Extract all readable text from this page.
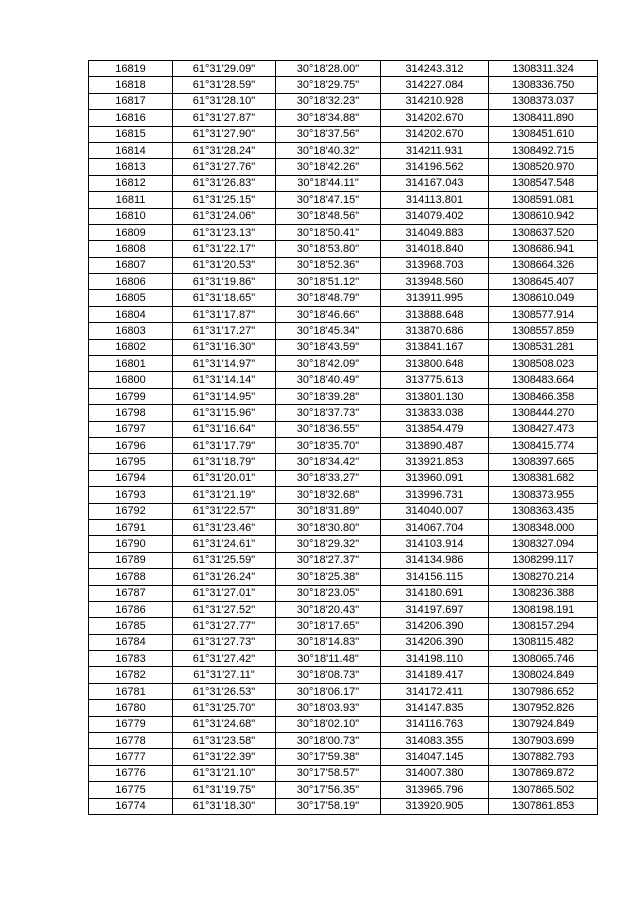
16819	61°31'29.09"	30°18'28.00"	314243.312	1308311.324
16818	61°31'28.59"	30°18'29.75"	314227.084	1308336.750
16817	61°31'28.10"	30°18'32.23"	314210.928	1308373.037
16816	61°31'27.87"	30°18'34.88"	314202.670	1308411.890
16815	61°31'27.90"	30°18'37.56"	314202.670	1308451.610
16814	61°31'28.24"	30°18'40.32"	314211.931	1308492.715
16813	61°31'27.76"	30°18'42.26"	314196.562	1308520.970
16812	61°31'26.83"	30°18'44.11"	314167.043	1308547.548
16811	61°31'25.15"	30°18'47.15"	314113.801	1308591.081
16810	61°31'24.06"	30°18'48.56"	314079.402	1308610.942
16809	61°31'23.13"	30°18'50.41"	314049.883	1308637.520
16808	61°31'22.17"	30°18'53.80"	314018.840	1308686.941
16807	61°31'20.53"	30°18'52.36"	313968.703	1308664.326
16806	61°31'19.86"	30°18'51.12"	313948.560	1308645.407
16805	61°31'18.65"	30°18'48.79"	313911.995	1308610.049
16804	61°31'17.87"	30°18'46.66"	313888.648	1308577.914
16803	61°31'17.27"	30°18'45.34"	313870.686	1308557.859
16802	61°31'16.30"	30°18'43.59"	313841.167	1308531.281
16801	61°31'14.97"	30°18'42.09"	313800.648	1308508.023
16800	61°31'14.14"	30°18'40.49"	313775.613	1308483.664
16799	61°31'14.95"	30°18'39.28"	313801.130	1308466.358
16798	61°31'15.96"	30°18'37.73"	313833.038	1308444.270
16797	61°31'16.64"	30°18'36.55"	313854.479	1308427.473
16796	61°31'17.79"	30°18'35.70"	313890.487	1308415.774
16795	61°31'18.79"	30°18'34.42"	313921.853	1308397.665
16794	61°31'20.01"	30°18'33.27"	313960.091	1308381.682
16793	61°31'21.19"	30°18'32.68"	313996.731	1308373.955
16792	61°31'22.57"	30°18'31.89"	314040.007	1308363.435
16791	61°31'23.46"	30°18'30.80"	314067.704	1308348.000
16790	61°31'24.61"	30°18'29.32"	314103.914	1308327.094
16789	61°31'25.59"	30°18'27.37"	314134.986	1308299.117
16788	61°31'26.24"	30°18'25.38"	314156.115	1308270.214
16787	61°31'27.01"	30°18'23.05"	314180.691	1308236.388
16786	61°31'27.52"	30°18'20.43"	314197.697	1308198.191
16785	61°31'27.77"	30°18'17.65"	314206.390	1308157.294
16784	61°31'27.73"	30°18'14.83"	314206.390	1308115.482
16783	61°31'27.42"	30°18'11.48"	314198.110	1308065.746
16782	61°31'27.11"	30°18'08.73"	314189.417	1308024.849
16781	61°31'26.53"	30°18'06.17"	314172.411	1307986.652
16780	61°31'25.70"	30°18'03.93"	314147.835	1307952.826
16779	61°31'24.68"	30°18'02.10"	314116.763	1307924.849
16778	61°31'23.58"	30°18'00.73"	314083.355	1307903.699
16777	61°31'22.39"	30°17'59.38"	314047.145	1307882.793
16776	61°31'21.10"	30°17'58.57"	314007.380	1307869.872
16775	61°31'19.75"	30°17'56.35"	313965.796	1307865.502
16774	61°31'18.30"	30°17'58.19"	313920.905	1307861.853
